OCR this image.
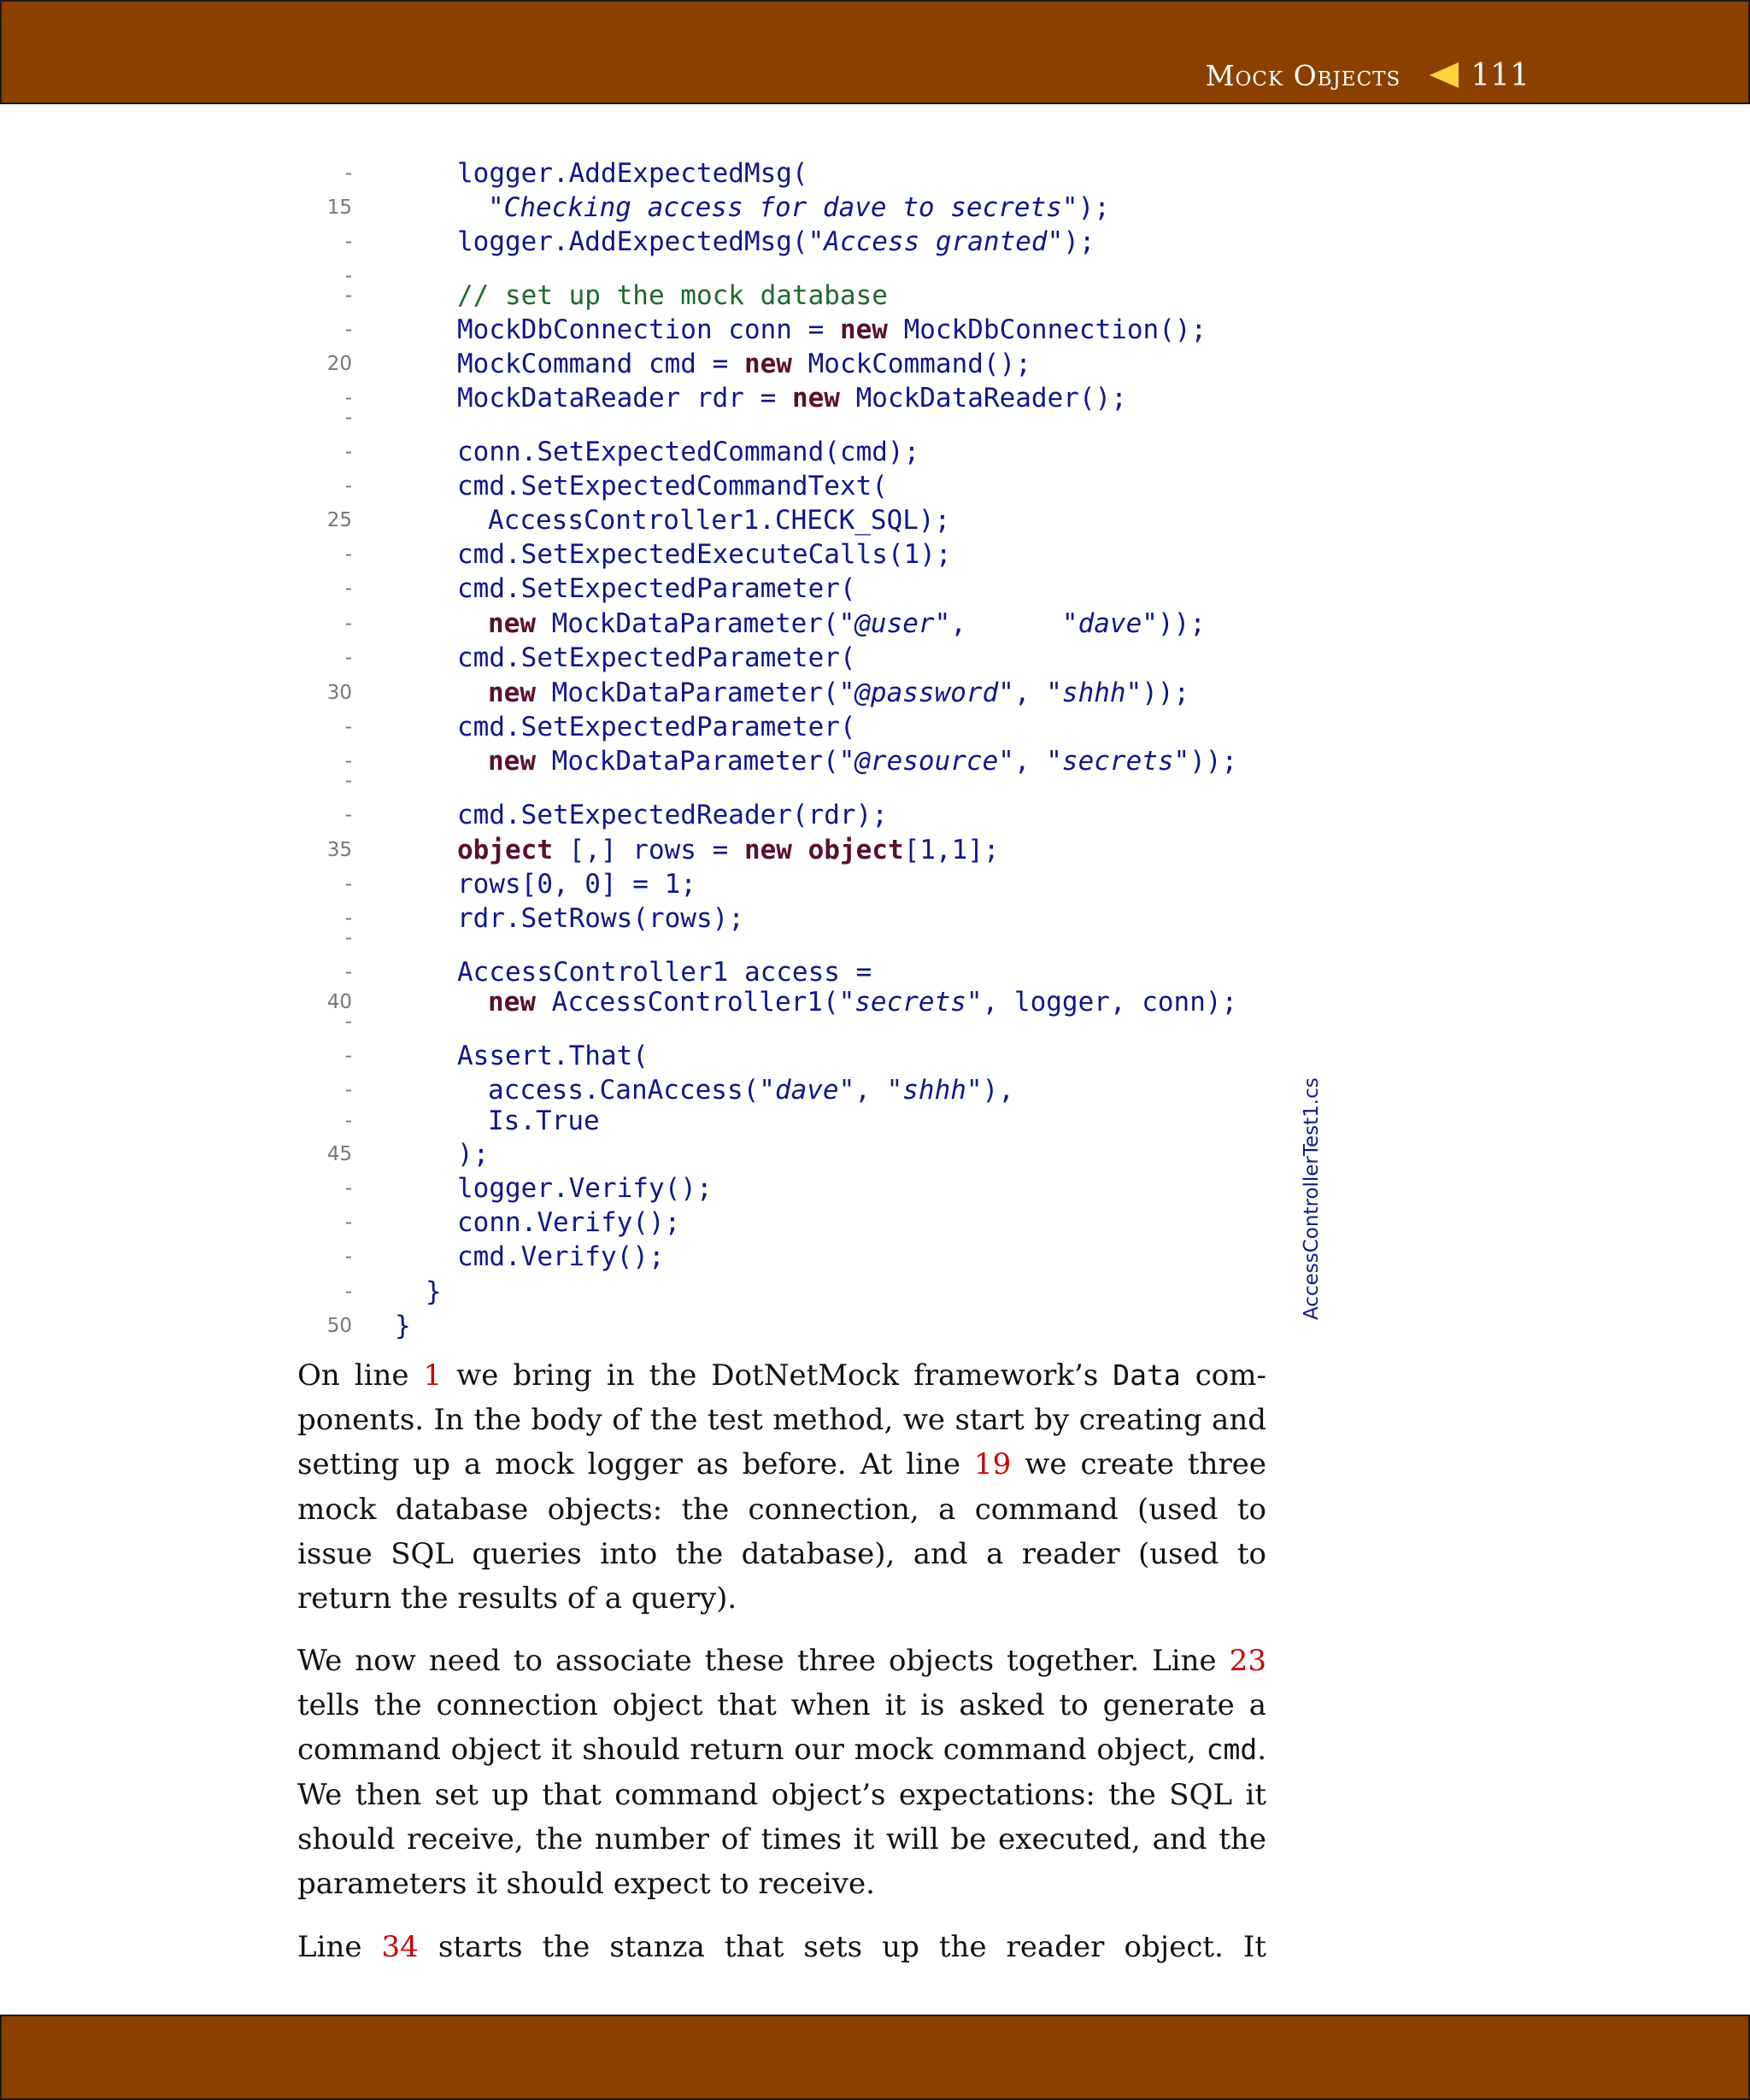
Mock Objects 111
-	logger.AddExpectedMsg(
15	"Checking access for dave to secrets");
-	logger.AddExpectedMsg("Access granted");
-
-	// set up the mock database
-	MockDbConnection conn = new MockDbConnection();
20	MockCommand cmd = new MockCommand();
-	MockDataReader rdr = new MockDataReader();
-
-	conn.SetExpectedCommand(cmd);
-	cmd.SetExpectedCommandText(
25	AccessController1.CHECK_SQL);
-	cmd.SetExpectedExecuteCalls(1);
-	cmd.SetExpectedParameter(
-	new MockDataParameter("@user",      "dave"));
-	cmd.SetExpectedParameter(
30	new MockDataParameter("@password", "shhh"));
-	cmd.SetExpectedParameter(
-	new MockDataParameter("@resource", "secrets"));
-
-	cmd.SetExpectedReader(rdr);
35	object [,] rows = new object[1,1];
-	rows[0, 0] = 1;
-	rdr.SetRows(rows);
-
-	AccessController1 access =
40	new AccessController1("secrets", logger, conn);
-
-	Assert.That(
-	access.CanAccess("dave", "shhh"),
-	Is.True
45	);
-	logger.Verify();
-	conn.Verify();
-	cmd.Verify();
-	}
50 }
AccessControllerTest1.cs
On line 1 we bring in the DotNetMock framework’s Data components. In the body of the test method, we start by creating and setting up a mock logger as before. At line 19 we create three mock database objects: the connection, a command (used to issue SQL queries into the database), and a reader (used to return the results of a query).
We now need to associate these three objects together. Line 23 tells the connection object that when it is asked to generate a command object it should return our mock command object, cmd. We then set up that command object’s expectations: the SQL it should receive, the number of times it will be executed, and the parameters it should expect to receive.
Line 34 starts the stanza that sets up the reader object. It
